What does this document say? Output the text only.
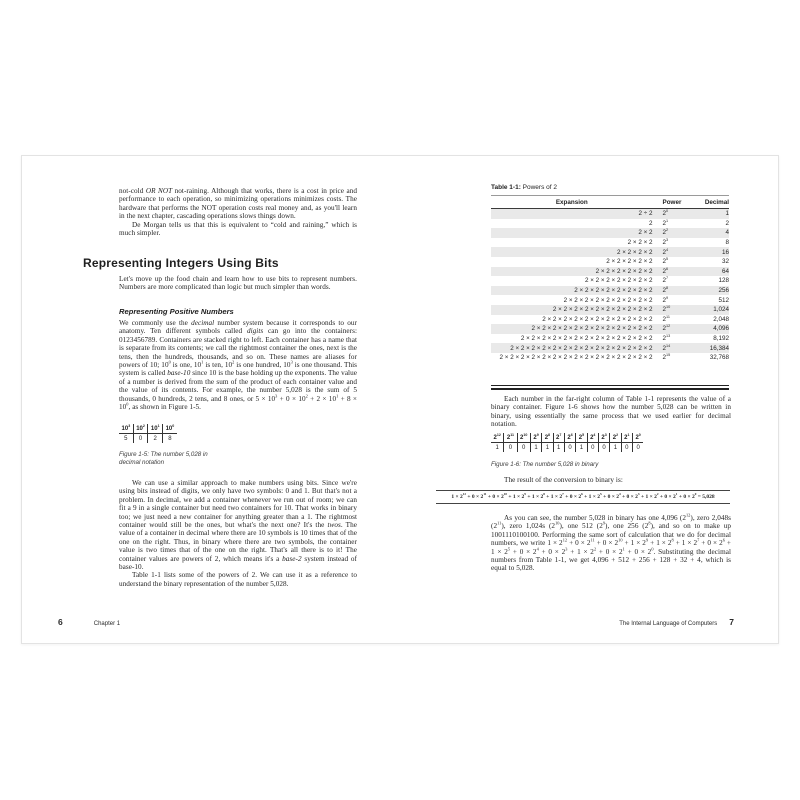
not-cold OR NOT not-raining. Although that works, there is a cost in price and performance to each operation, so minimizing operations minimizes costs. The hardware that performs the NOT operation costs real money and, as you'll learn in the next chapter, cascading operations slows things down.

De Morgan tells us that this is equivalent to “cold and raining,” which is much simpler.

Representing Integers Using Bits

Let's move up the food chain and learn how to use bits to represent numbers. Numbers are more complicated than logic but much simpler than words.

Representing Positive Numbers

We commonly use the decimal number system because it corresponds to our anatomy. Ten different symbols called digits can go into the containers: 0123456789. Containers are stacked right to left. Each container has a name that is separate from its contents; we call the rightmost container the ones, next is the tens, then the hundreds, thousands, and so on. These names are aliases for powers of 10; $10^0$ is one, $10^1$ is ten, $10^2$ is one hundred, $10^3$ is one thousand. This system is called base-10 since 10 is the base holding up the exponents. The value of a number is derived from the sum of the product of each container value and the value of its contents. For example, the number 5,028 is the sum of 5 thousands, 0 hundreds, 2 tens, and 8 ones, or $5 \times 10^3 + 0 \times 10^2 + 2 \times 10^1 + 8 \times 10^0$, as shown in Figure 1-5.

$10^3$	$10^2$	$10^1$	$10^0$
5	0	2	8
Figure 1-5: The number 5,028 in decimal notation

We can use a similar approach to make numbers using bits. Since we're using bits instead of digits, we only have two symbols: 0 and 1. But that's not a problem. In decimal, we add a container whenever we run out of room; we can fit a 9 in a single container but need two containers for 10. That works in binary too; we just need a new container for anything greater than a 1. The rightmost container would still be the ones, but what's the next one? It's the twos. The value of a container in decimal where there are 10 symbols is 10 times that of the one on the right. Thus, in binary where there are two symbols, the container value is two times that of the one on the right. That's all there is to it! The container values are powers of 2, which means it's a base-2 system instead of base-10.

Table 1-1 lists some of the powers of 2. We can use it as a reference to understand the binary representation of the number 5,028.

6	Chapter 1
Table 1-1: Powers of 2
Expansion	Power	Decimal
2 ÷ 2	$2^0$	1
2	$2^1$	2
2 × 2	$2^2$	4
2 × 2 × 2	$2^3$	8
2 × 2 × 2 × 2	$2^4$	16
2 × 2 × 2 × 2 × 2	$2^5$	32
2 × 2 × 2 × 2 × 2 × 2	$2^6$	64
2 × 2 × 2 × 2 × 2 × 2 × 2	$2^7$	128
2 × 2 × 2 × 2 × 2 × 2 × 2 × 2	$2^8$	256
2 × 2 × 2 × 2 × 2 × 2 × 2 × 2 × 2	$2^9$	512
2 × 2 × 2 × 2 × 2 × 2 × 2 × 2 × 2 × 2	$2^{10}$	1,024
2 × 2 × 2 × 2 × 2 × 2 × 2 × 2 × 2 × 2 × 2	$2^{11}$	2,048
2 × 2 × 2 × 2 × 2 × 2 × 2 × 2 × 2 × 2 × 2 × 2	$2^{12}$	4,096
2 × 2 × 2 × 2 × 2 × 2 × 2 × 2 × 2 × 2 × 2 × 2 × 2	$2^{13}$	8,192
2 × 2 × 2 × 2 × 2 × 2 × 2 × 2 × 2 × 2 × 2 × 2 × 2 × 2	$2^{14}$	16,384
2 × 2 × 2 × 2 × 2 × 2 × 2 × 2 × 2 × 2 × 2 × 2 × 2 × 2 × 2	$2^{15}$	32,768

Each number in the far-right column of Table 1-1 represents the value of a binary container. Figure 1-6 shows how the number 5,028 can be written in binary, using essentially the same process that we used earlier for decimal notation.

$2^{12}$	$2^{11}$	$2^{10}$	$2^9$	$2^8$	$2^7$	$2^6$	$2^5$	$2^4$	$2^3$	$2^2$	$2^1$	$2^0$
1	0	0	1	1	1	0	1	0	0	1	0	0
Figure 1-6: The number 5,028 in binary

The result of the conversion to binary is:

$1 \times 2^{12} + 0 \times 2^{11} + 0 \times 2^{10} + 1 \times 2^9 + 1 \times 2^8 + 1 \times 2^7 + 0 \times 2^6 + 1 \times 2^5 + 0 \times 2^4 + 0 \times 2^3 + 1 \times 2^2 + 0 \times 2^1 + 0 \times 2^0 = 5,028$

As you can see, the number 5,028 in binary has one 4,096 $(2^{12})$, zero 2,048s $(2^{11})$, zero 1,024s $(2^{10})$, one 512 $(2^9)$, one 256 $(2^8)$, and so on to make up 1001110100100. Performing the same sort of calculation that we do for decimal numbers, we write $1 \times 2^{12} + 0 \times 2^{11} + 0 \times 2^{10} + 1 \times 2^9 + 1 \times 2^8 + 1 \times 2^7 + 0 \times 2^6 + 1 \times 2^5 + 0 \times 2^4 + 0 \times 2^3 + 1 \times 2^2 + 0 \times 2^1 + 0 \times 2^0$. Substituting the decimal numbers from Table 1-1, we get 4,096 + 512 + 256 + 128 + 32 + 4, which is equal to 5,028.

The Internal Language of Computers 7
